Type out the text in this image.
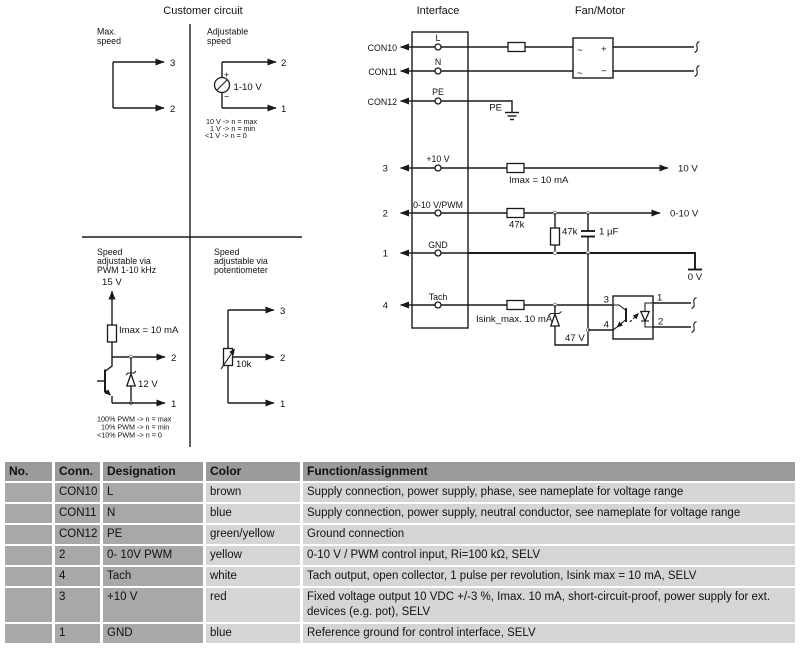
Customer circuit
Max.
speed
3
2
Adjustable
speed
2
+
−
1-10 V
1
10 V -> n = max
1 V -> n = min
<1 V -> n = 0
Speed
adjustable via
PWM 1-10 kHz
15 V
Imax = 10 mA
2
12 V
1
100% PWM -> n = max
10% PWM -> n = min
<10% PWM -> n = 0
Speed
adjustable via
potentiometer
3
10k
2
1
Interface
CON10
L
CON11
N
CON12
PE
PE
3
+10 V
2
0-10 V/PWM
1
GND
4
Tach
Imax = 10 mA
10 V
47k
0-10 V
47k 1 µF
0 V
Isink_max. 10 mA
47 V
3
4
1
2
Fan/Motor
~ +
~ −
No.	Conn.	Designation	Color	Function/assignment
	CON10	L	brown	Supply connection, power supply, phase, see nameplate for voltage range
	CON11	N	blue	Supply connection, power supply, neutral conductor, see nameplate for voltage range
	CON12	PE	green/yellow	Ground connection
	2	0- 10V PWM	yellow	0-10 V / PWM control input, Ri=100 kΩ, SELV
	4	Tach	white	Tach output, open collector, 1 pulse per revolution, Isink max = 10 mA, SELV
	3	+10 V	red	Fixed voltage output 10 VDC +/-3 %, Imax. 10 mA, short-circuit-proof, power supply for ext. devices (e.g. pot), SELV
	1	GND	blue	Reference ground for control interface, SELV
